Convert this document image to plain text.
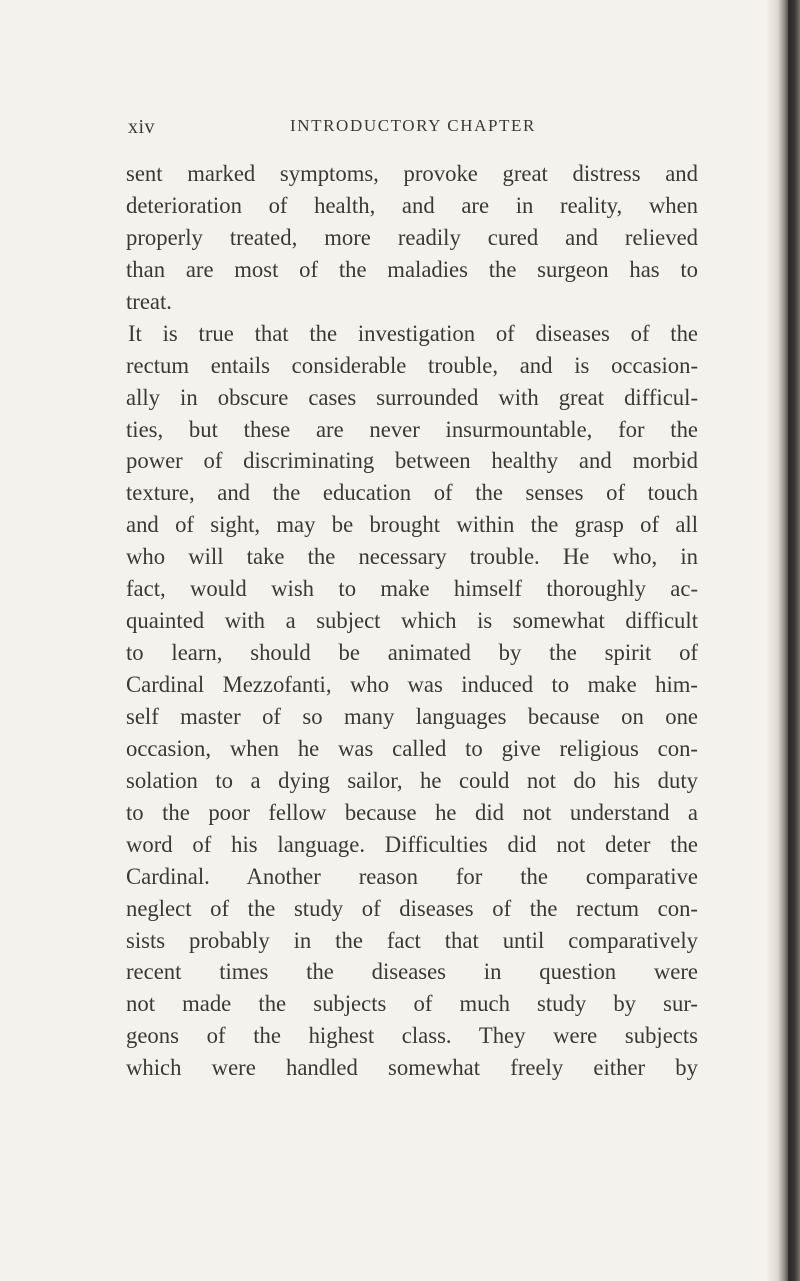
xiv	INTRODUCTORY CHAPTER
sent marked symptoms, provoke great distress and
deterioration of health, and are in reality, when
properly treated, more readily cured and relieved
than are most of the maladies the surgeon has to
treat.
It is true that the investigation of diseases of the
rectum entails considerable trouble, and is occasion-
ally in obscure cases surrounded with great difficul-
ties, but these are never insurmountable, for the
power of discriminating between healthy and morbid
texture, and the education of the senses of touch
and of sight, may be brought within the grasp of all
who will take the necessary trouble. He who, in
fact, would wish to make himself thoroughly ac-
quainted with a subject which is somewhat difficult
to learn, should be animated by the spirit of
Cardinal Mezzofanti, who was induced to make him-
self master of so many languages because on one
occasion, when he was called to give religious con-
solation to a dying sailor, he could not do his duty
to the poor fellow because he did not understand a
word of his language. Difficulties did not deter the
Cardinal. Another reason for the comparative
neglect of the study of diseases of the rectum con-
sists probably in the fact that until comparatively
recent times the diseases in question were
not made the subjects of much study by sur-
geons of the highest class. They were subjects
which were handled somewhat freely either by
